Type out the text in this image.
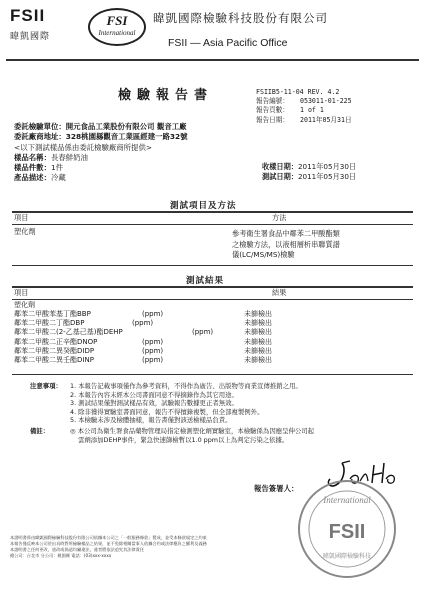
FSII
暐凱國際
FSI
International
暐凱國際檢驗科技股份有限公司
FSII — Asia Pacific Office
檢驗報告書	FSIIB5-11-04 REV. 4.2
報告編號： 053011-01-225
報告頁數： 1 of 1
報告日期： 2011年05月31日
委託檢驗單位：開元食品工業股份有限公司 觀音工廠
委託廠商地址：328桃園縣觀音工業區經建一路32號
<以下測試樣品係由委託檢驗廠商所提供>
樣品名稱：長春鮮奶油
樣品件數：1件
產品描述：冷藏
收樣日期：2011年05月30日
測試日期：2011年05月30日
測試項目及方法
項目	方法
塑化劑	參考衛生署食品中鄰苯二甲酸酯類
之檢驗方法，以液相層析串聯質譜
儀(LC/MS/MS)檢驗
測試結果
項目	結果
塑化劑
鄰苯二甲酸苯基丁酯BBP	(ppm)	未篩檢出
鄰苯二甲酸二丁酯DBP	(ppm)	未篩檢出
鄰苯二甲酸二(2-乙基己基)酯DEHP	(ppm)	未篩檢出
鄰苯二甲酸二正辛酯DNOP	(ppm)	未篩檢出
鄰苯二甲酸二異癸酯DIDP	(ppm)	未篩檢出
鄰苯二甲酸二異壬酯DINP	(ppm)	未篩檢出
注意事項： 1. 本報告記載事項僅作為參考資料，不得作為廣告、出版物等商業宣傳推銷之用。
2. 本報告內容未經本公司書面同意不得摘錄作為其它用途。
3. 測試結果僅對測試樣品有效，試驗報告數據更正者無效。
4. 除非獲得實驗室書面同意，報告不得擅錄複製，但全部複製例外。
5. 本檢驗未涉及檢體抽樣，報告書僅對該送檢樣品負責。
備註：	◎ 本公司為衛生署食品藥物管理局指定檢測塑化劑實驗室，本檢驗係為因應呈伸公司起
雲劑添加DEHP事件，緊急快速篩檢暫以1.0 ppm以上為判定污染之依據。
報告簽署人：
International
FSII
暐凱國際檢驗科技
本證明書係由暐凱國際檢驗科技股份有限公司依據本公司之「一般服務條款」製成，並受本條款規定之約束
本報告僅反映本公司於出具時對所檢驗樣品之結果，並不免除相關當事人依據合約或法律應負之權利及義務
本證明書之任何更改，塗改或偽造均屬違法，違者將依法追究其法律責任
總公司：台北市 分公司：桃園縣 電話：(03)xxx-xxxx
